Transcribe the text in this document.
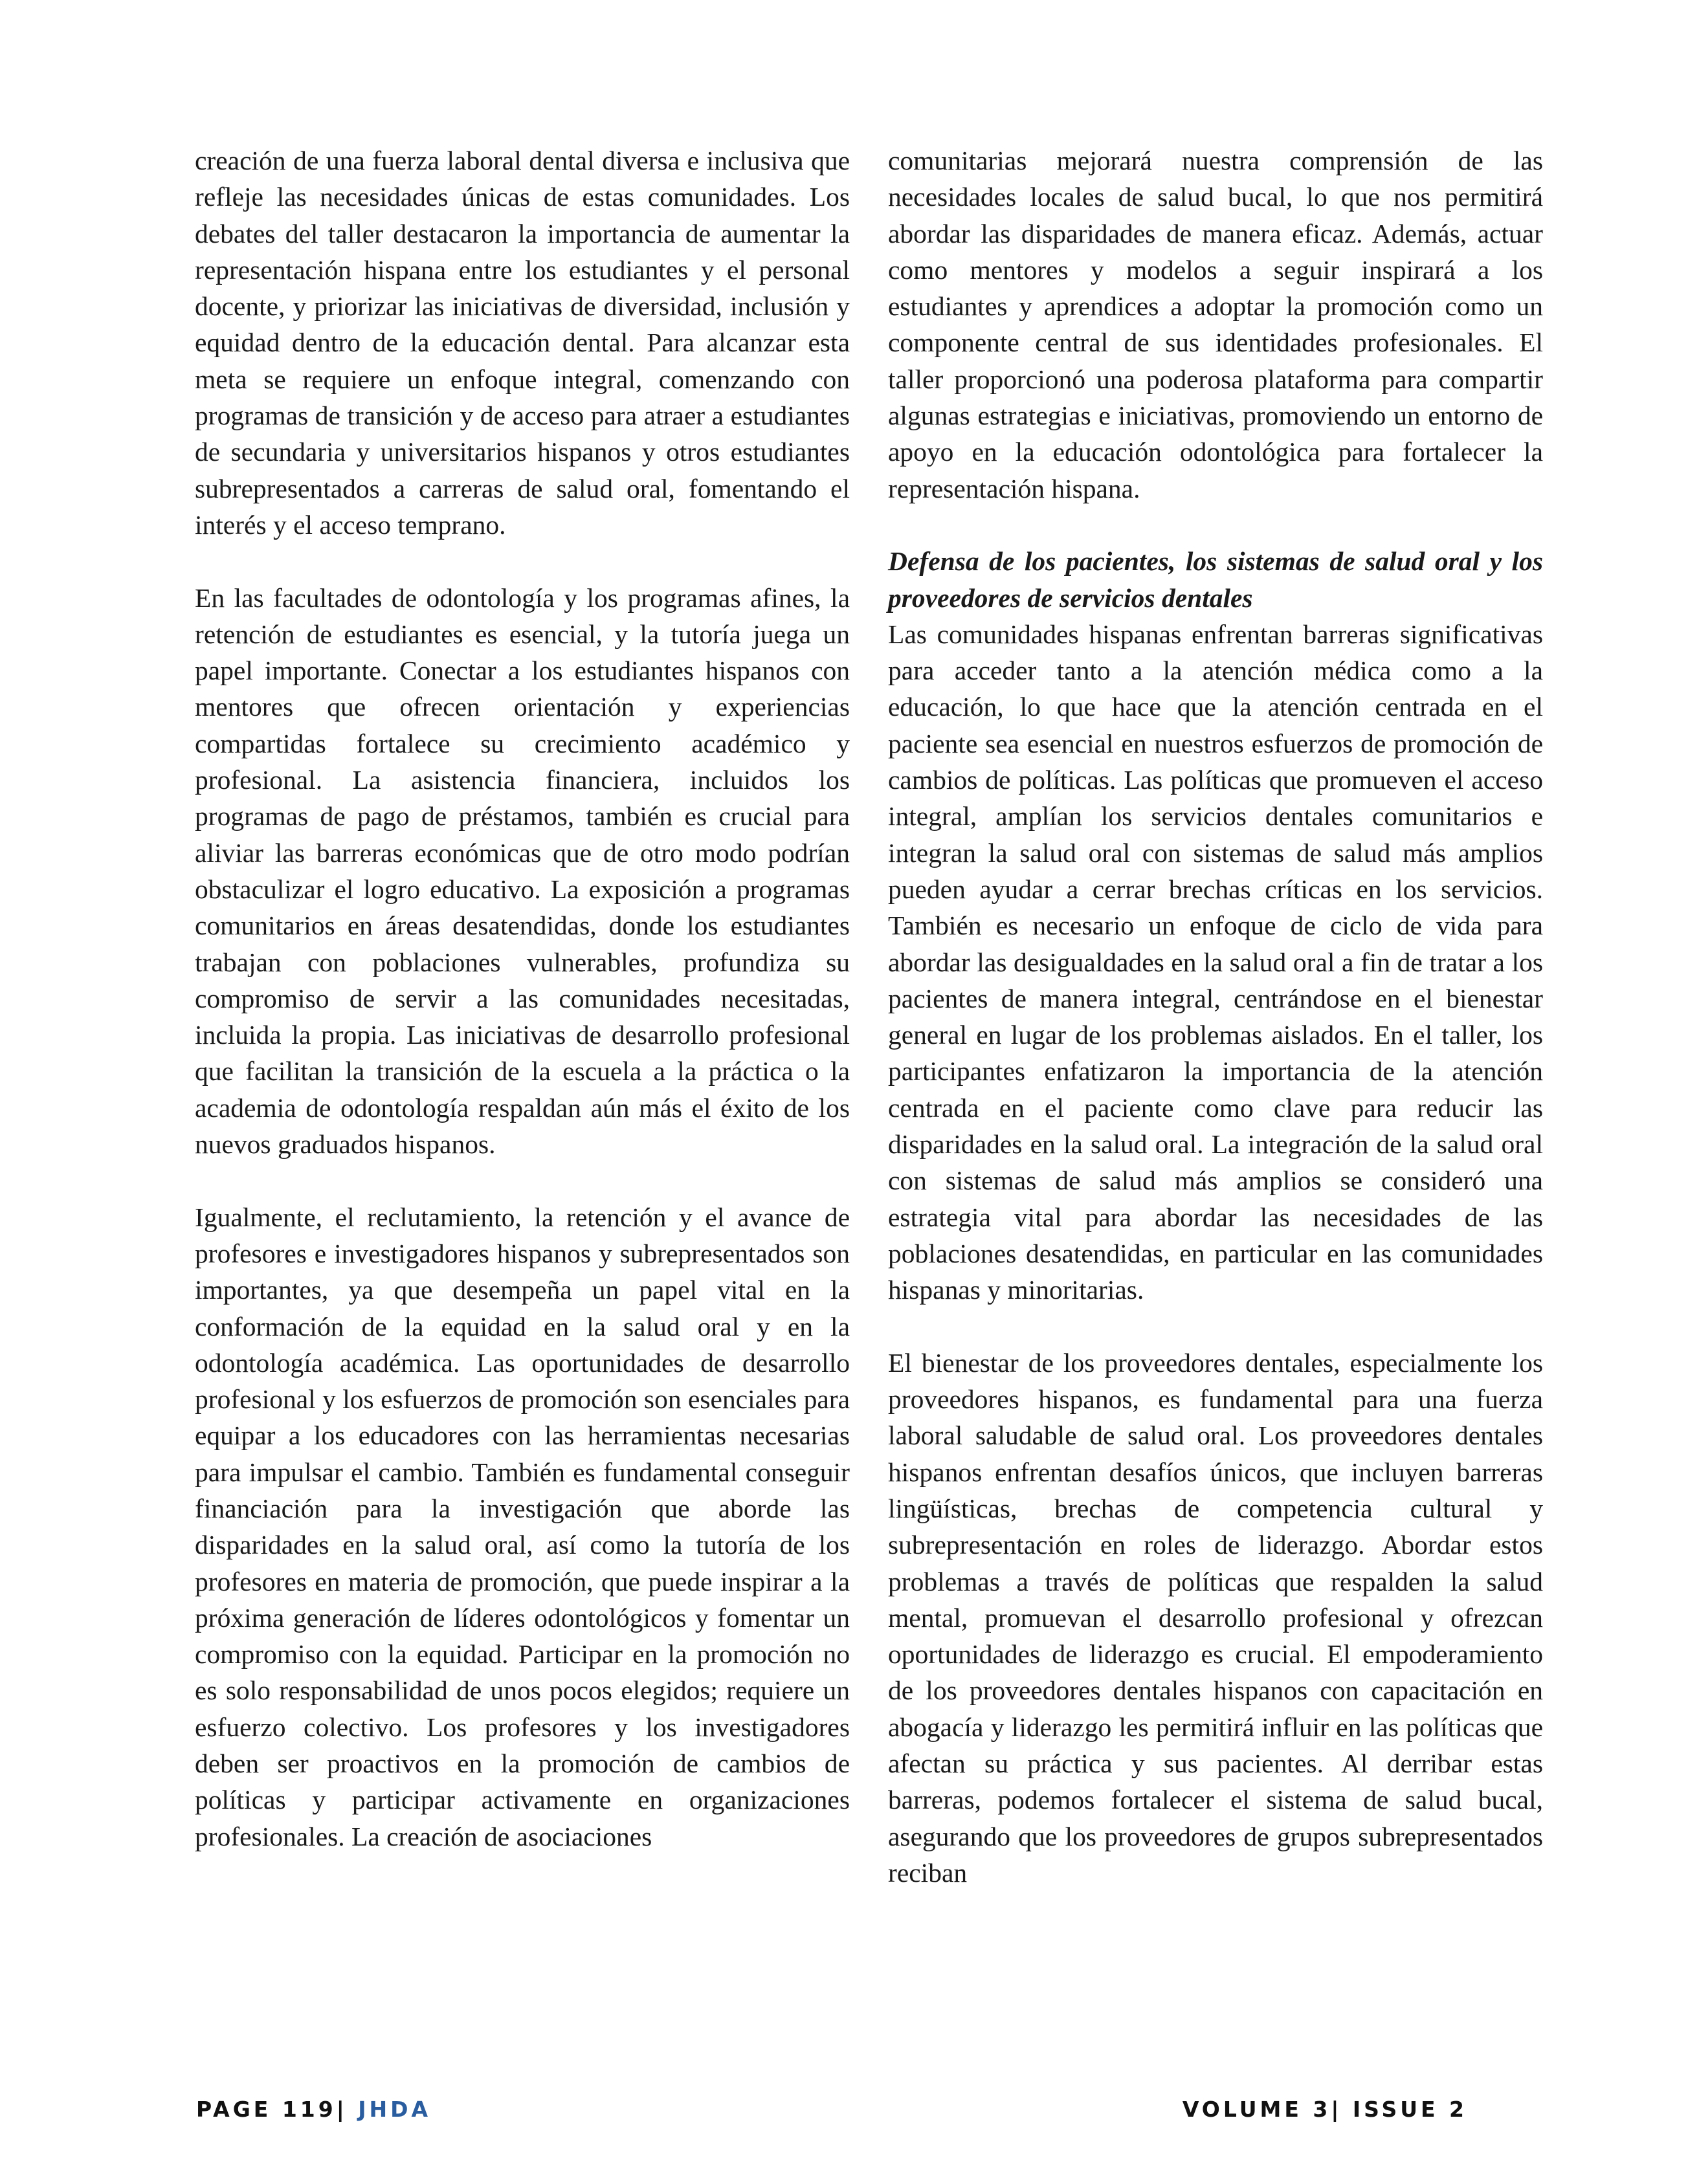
creación de una fuerza laboral dental diversa e inclusiva que refleje las necesidades únicas de estas comunidades. Los debates del taller destacaron la importancia de aumentar la representación hispana entre los estudiantes y el personal docente, y priorizar las iniciativas de diversidad, inclusión y equidad dentro de la educación dental. Para alcanzar esta meta se requiere un enfoque integral, comenzando con programas de transición y de acceso para atraer a estudiantes de secundaria y universitarios hispanos y otros estudiantes subrepresentados a carreras de salud oral, fomentando el interés y el acceso temprano.

En las facultades de odontología y los programas afines, la retención de estudiantes es esencial, y la tutoría juega un papel importante. Conectar a los estudiantes hispanos con mentores que ofrecen orientación y experiencias compartidas fortalece su crecimiento académico y profesional. La asistencia financiera, incluidos los programas de pago de préstamos, también es crucial para aliviar las barreras económicas que de otro modo podrían obstaculizar el logro educativo. La exposición a programas comunitarios en áreas desatendidas, donde los estudiantes trabajan con poblaciones vulnerables, profundiza su compromiso de servir a las comunidades necesitadas, incluida la propia. Las iniciativas de desarrollo profesional que facilitan la transición de la escuela a la práctica o la academia de odontología respaldan aún más el éxito de los nuevos graduados hispanos.

Igualmente, el reclutamiento, la retención y el avance de profesores e investigadores hispanos y subrepresentados son importantes, ya que desempeña un papel vital en la conformación de la equidad en la salud oral y en la odontología académica. Las oportunidades de desarrollo profesional y los esfuerzos de promoción son esenciales para equipar a los educadores con las herramientas necesarias para impulsar el cambio. También es fundamental conseguir financiación para la investigación que aborde las disparidades en la salud oral, así como la tutoría de los profesores en materia de promoción, que puede inspirar a la próxima generación de líderes odontológicos y fomentar un compromiso con la equidad. Participar en la promoción no es solo responsabilidad de unos pocos elegidos; requiere un esfuerzo colectivo. Los profesores y los investigadores deben ser proactivos en la promoción de cambios de políticas y participar activamente en organizaciones profesionales. La creación de asociaciones

comunitarias mejorará nuestra comprensión de las necesidades locales de salud bucal, lo que nos permitirá abordar las disparidades de manera eficaz. Además, actuar como mentores y modelos a seguir inspirará a los estudiantes y aprendices a adoptar la promoción como un componente central de sus identidades profesionales. El taller proporcionó una poderosa plataforma para compartir algunas estrategias e iniciativas, promoviendo un entorno de apoyo en la educación odontológica para fortalecer la representación hispana.

Defensa de los pacientes, los sistemas de salud oral y los proveedores de servicios dentales

Las comunidades hispanas enfrentan barreras significativas para acceder tanto a la atención médica como a la educación, lo que hace que la atención centrada en el paciente sea esencial en nuestros esfuerzos de promoción de cambios de políticas. Las políticas que promueven el acceso integral, amplían los servicios dentales comunitarios e integran la salud oral con sistemas de salud más amplios pueden ayudar a cerrar brechas críticas en los servicios. También es necesario un enfoque de ciclo de vida para abordar las desigualdades en la salud oral a fin de tratar a los pacientes de manera integral, centrándose en el bienestar general en lugar de los problemas aislados. En el taller, los participantes enfatizaron la importancia de la atención centrada en el paciente como clave para reducir las disparidades en la salud oral. La integración de la salud oral con sistemas de salud más amplios se consideró una estrategia vital para abordar las necesidades de las poblaciones desatendidas, en particular en las comunidades hispanas y minoritarias.

El bienestar de los proveedores dentales, especialmente los proveedores hispanos, es fundamental para una fuerza laboral saludable de salud oral. Los proveedores dentales hispanos enfrentan desafíos únicos, que incluyen barreras lingüísticas, brechas de competencia cultural y subrepresentación en roles de liderazgo. Abordar estos problemas a través de políticas que respalden la salud mental, promuevan el desarrollo profesional y ofrezcan oportunidades de liderazgo es crucial. El empoderamiento de los proveedores dentales hispanos con capacitación en abogacía y liderazgo les permitirá influir en las políticas que afectan su práctica y sus pacientes. Al derribar estas barreras, podemos fortalecer el sistema de salud bucal, asegurando que los proveedores de grupos subrepresentados reciban

PAGE 119| JHDA	VOLUME 3| ISSUE 2
